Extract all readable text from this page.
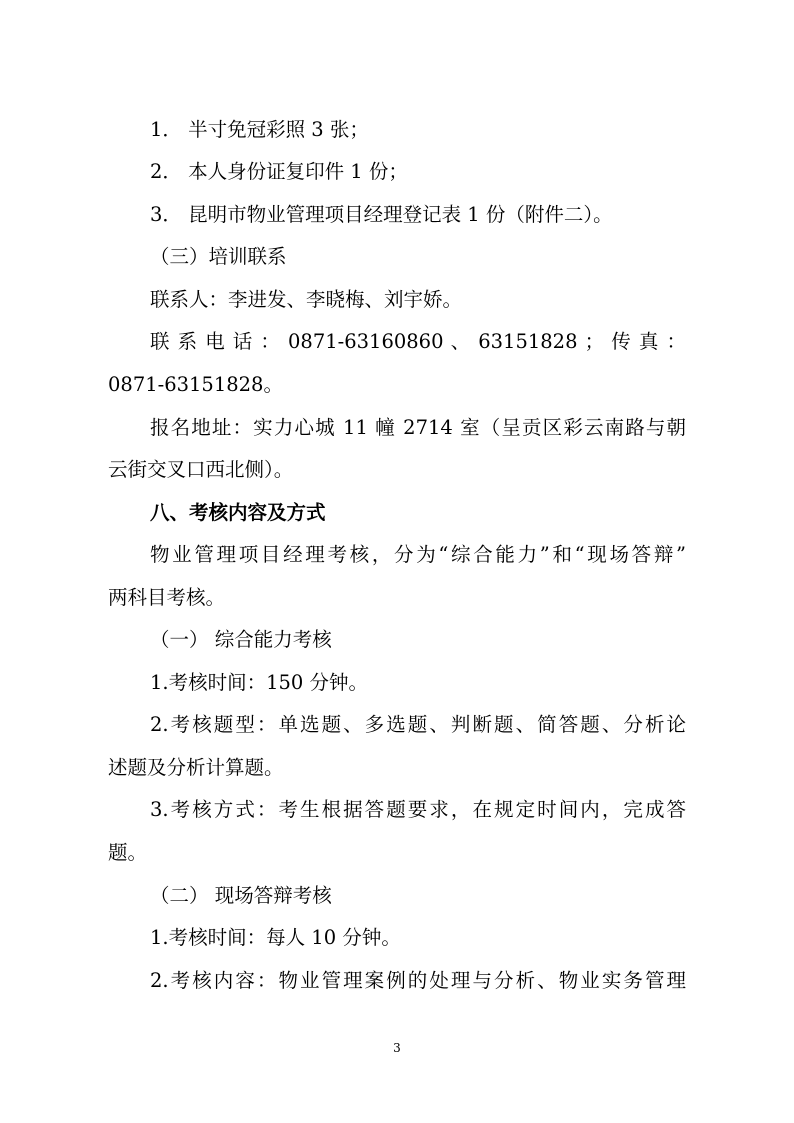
1． 半寸免冠彩照 3 张；
2． 本人身份证复印件 1 份；
3． 昆明市物业管理项目经理登记表 1 份（附件二）。
（三）培训联系
联系人：李进发、李晓梅、刘宇娇。
联 系 电 话 ： 0871-63160860 、 63151828 ； 传 真 ：
0871-63151828。
报名地址：实力心城 11 幢 2714 室（呈贡区彩云南路与朝
云街交叉口西北侧）。
八、考核内容及方式
物业管理项目经理考核，分为“综合能力”和“现场答辩”
两科目考核。
（一） 综合能力考核
1.考核时间：150 分钟。
2.考核题型：单选题、多选题、判断题、简答题、分析论
述题及分析计算题。
3.考核方式：考生根据答题要求，在规定时间内，完成答
题。
（二） 现场答辩考核
1.考核时间：每人 10 分钟。
2.考核内容：物业管理案例的处理与分析、物业实务管理
3
